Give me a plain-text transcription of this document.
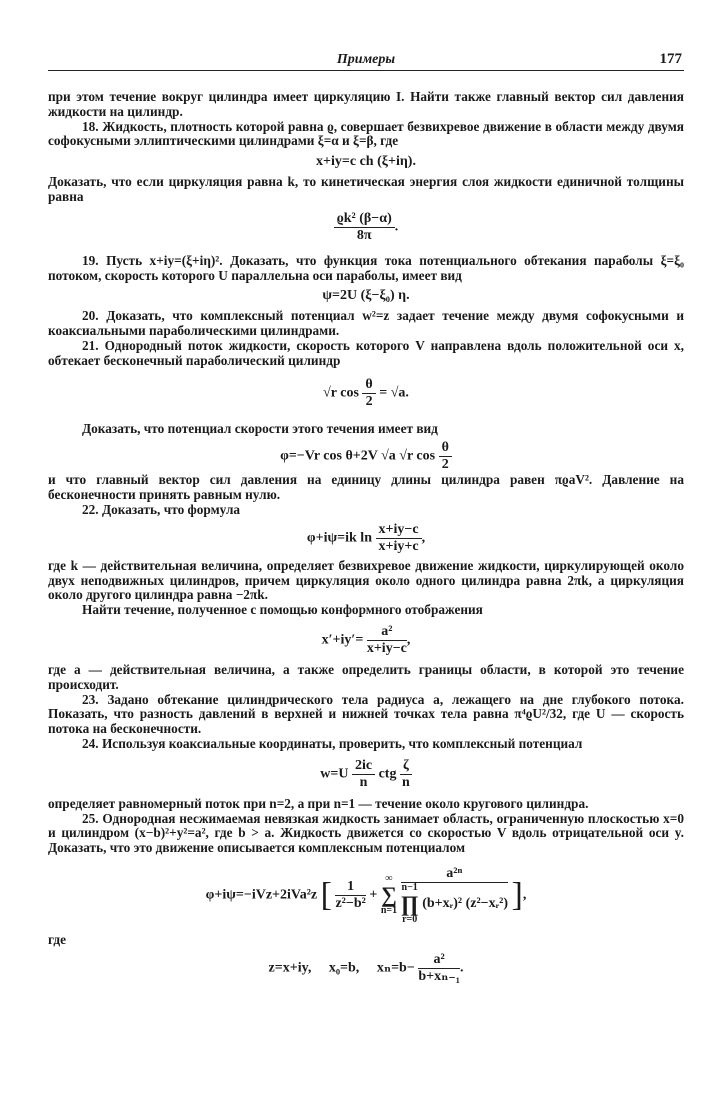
Примеры	177

при этом течение вокруг цилиндра имеет циркуляцию I. Найти также главный вектор сил давления жидкости на цилиндр.

18. Жидкость, плотность которой равна ϱ, совершает безвихревое движение в области между двумя софокусными эллиптическими цилиндрами ξ=α и ξ=β, где

x+iy=c ch (ξ+iη).

Доказать, что если циркуляция равна k, то кинетическая энергия слоя жидкости единичной толщины равна

$\frac{\text{ϱk² (β−α)}}{8\pi}$ .

19. Пусть x+iy=(ξ+iη)². Доказать, что функция тока потенциального обтекания параболы ξ=ξ₀ потоком, скорость которого U параллельна оси параболы, имеет вид

ψ=2U (ξ−ξ₀) η.

20. Доказать, что комплексный потенциал w²=z задает течение между двумя софокусными и коаксиальными параболическими цилиндрами.

21. Однородный поток жидкости, скорость которого V направлена вдоль положительной оси x, обтекает бесконечный параболический цилиндр

√r $\cos \frac{\theta}{2} = √a$.

Доказать, что потенциал скорости этого течения имеет вид

φ=−Vr cos θ+2V √a √r $\cos \frac{\theta}{2}$

и что главный вектор сил давления на единицу длины цилиндра равен πϱaV². Давление на бесконечности принять равным нулю.

22. Доказать, что формула

φ+iψ=ik $\ln \frac{x+iy-c}{x+iy+c}$ ,

где k — действительная величина, определяет безвихревое движение жидкости, циркулирующей около двух неподвижных цилиндров, причем циркуляция около одного цилиндра равна 2πk, а циркуляция около другого цилиндра равна −2πk.

Найти течение, полученное с помощью конформного отображения

$x'+iy'= \frac{\text{a²}}{x+iy-c}$ ,

где a — действительная величина, а также определить границы области, в которой это течение происходит.

23. Задано обтекание цилиндрического тела радиуса a, лежащего на дне глубокого потока. Показать, что разность давлений в верхней и нижней точках тела равна π⁴ϱU²/32, где U — скорость потока на бесконечности.

24. Используя коаксиальные координаты, проверить, что комплексный потенциал

$w=U \frac{2ic}{n}$ ctg $\frac{\zeta}{n}$

определяет равномерный поток при n=2, а при n=1 — течение около кругового цилиндра.

25. Однородная несжимаемая невязкая жидкость занимает область, ограниченную плоскостью x=0 и цилиндром (x−b)²+y²=a², где b > a. Жидкость движется со скоростью V вдоль отрицательной оси y. Доказать, что это движение описывается комплексным потенциалом

φ+iψ=−iVz+2iVa²z [ $\frac{1}{\text{z²−b²}}$ + ∞
∑
n=1
a²ⁿ
n−1
∏
r=0 (b+xᵣ)² (z²−xᵣ²) ],

где

z=x+iy, x₀=b, $x_n=b- \frac{\text{a²}}{\text{b+xₙ₋₁}}$ .
